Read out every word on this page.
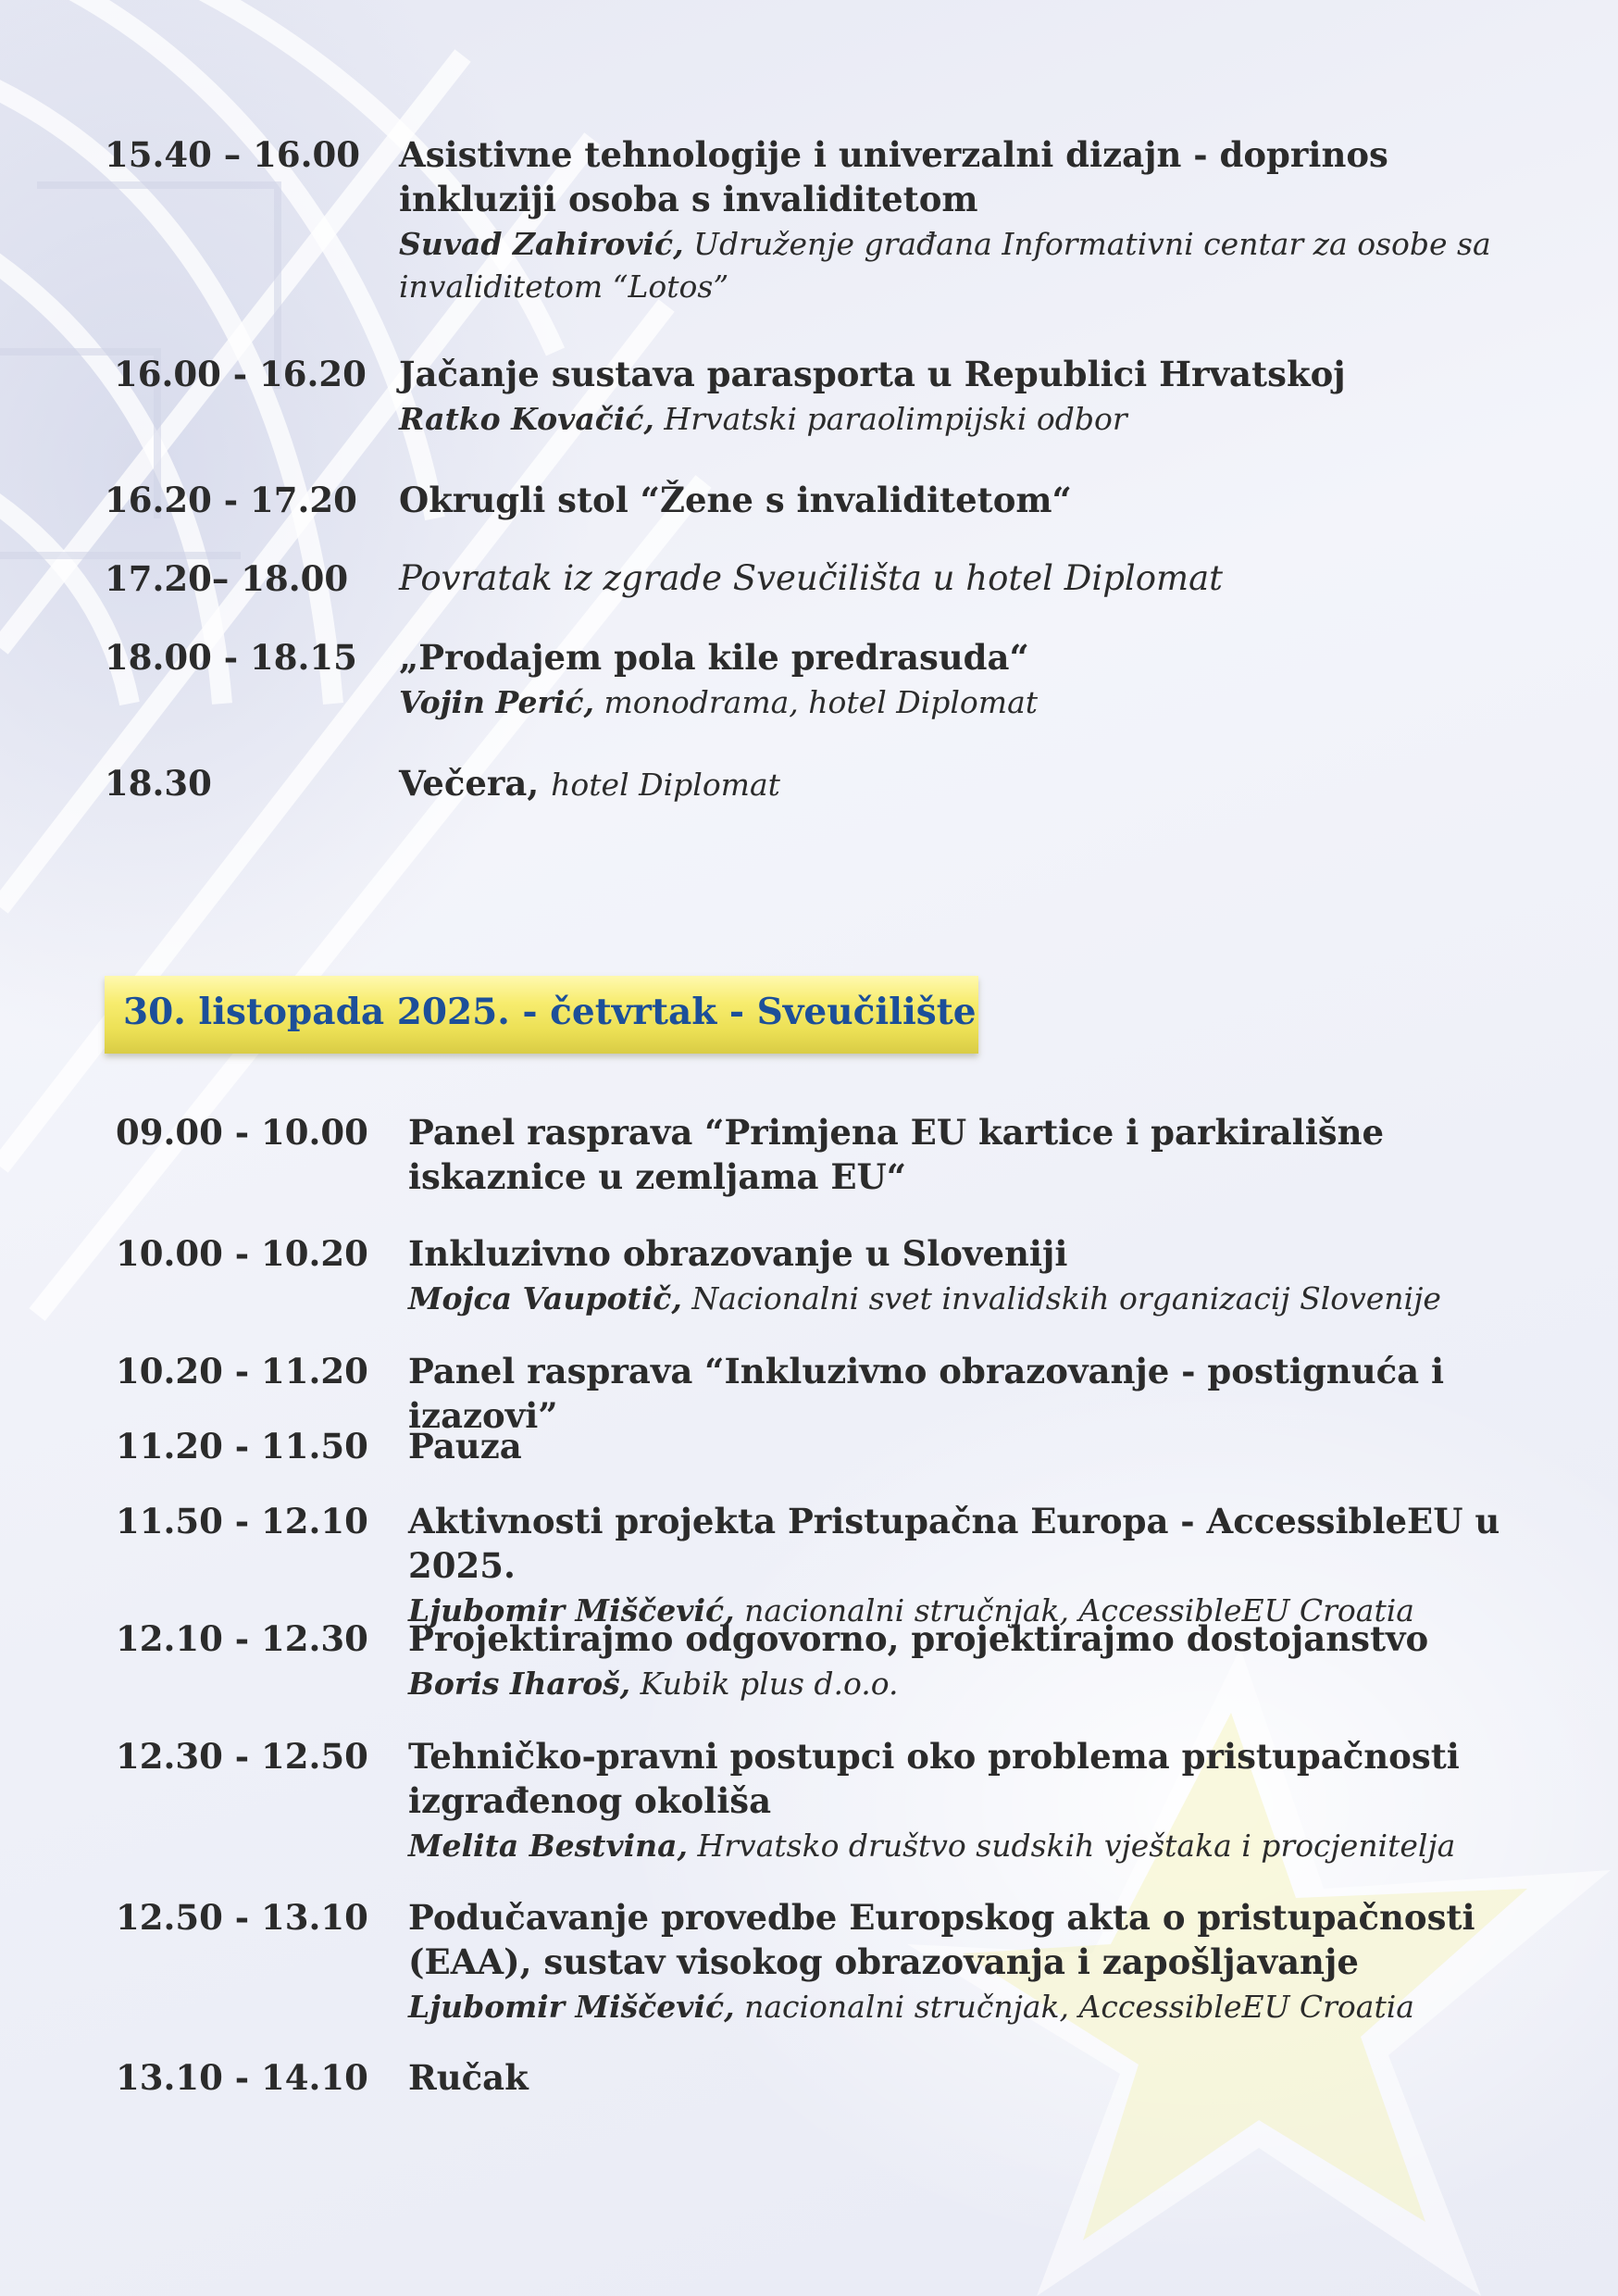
15.40 – 16.00 Asistivne tehnologije i univerzalni dizajn - doprinos inkluziji osoba s invaliditetom
Suvad Zahirović, Udruženje građana Informativni centar za osobe sa invaliditetom “Lotos”
16.00 - 16.20 Jačanje sustava parasporta u Republici Hrvatskoj
Ratko Kovačić, Hrvatski paraolimpijski odbor
16.20 - 17.20 Okrugli stol “Žene s invaliditetom“
17.20– 18.00 Povratak iz zgrade Sveučilišta u hotel Diplomat
18.00 - 18.15 „Prodajem pola kile predrasuda“
Vojin Perić, monodrama, hotel Diplomat
18.30	Večera, hotel Diplomat
30. listopada 2025. - četvrtak - Sveučilište
09.00 - 10.00 Panel rasprava “Primjena EU kartice i parkirališne iskaznice u zemljama EU“
10.00 - 10.20 Inkluzivno obrazovanje u Sloveniji
Mojca Vaupotič, Nacionalni svet invalidskih organizacij Slovenije
10.20 - 11.20 Panel rasprava “Inkluzivno obrazovanje - postignuća i izazovi”
11.20 - 11.50 Pauza
11.50 - 12.10 Aktivnosti projekta Pristupačna Europa - AccessibleEU u 2025.
Ljubomir Miščević, nacionalni stručnjak, AccessibleEU Croatia
12.10 - 12.30 Projektirajmo odgovorno, projektirajmo dostojanstvo
Boris Iharoš, Kubik plus d.o.o.
12.30 - 12.50 Tehničko-pravni postupci oko problema pristupačnosti izgrađenog okoliša
Melita Bestvina, Hrvatsko društvo sudskih vještaka i procjenitelja
12.50 - 13.10 Podučavanje provedbe Europskog akta o pristupačnosti (EAA), sustav visokog obrazovanja i zapošljavanje
Ljubomir Miščević, nacionalni stručnjak, AccessibleEU Croatia
13.10 - 14.10 Ručak
